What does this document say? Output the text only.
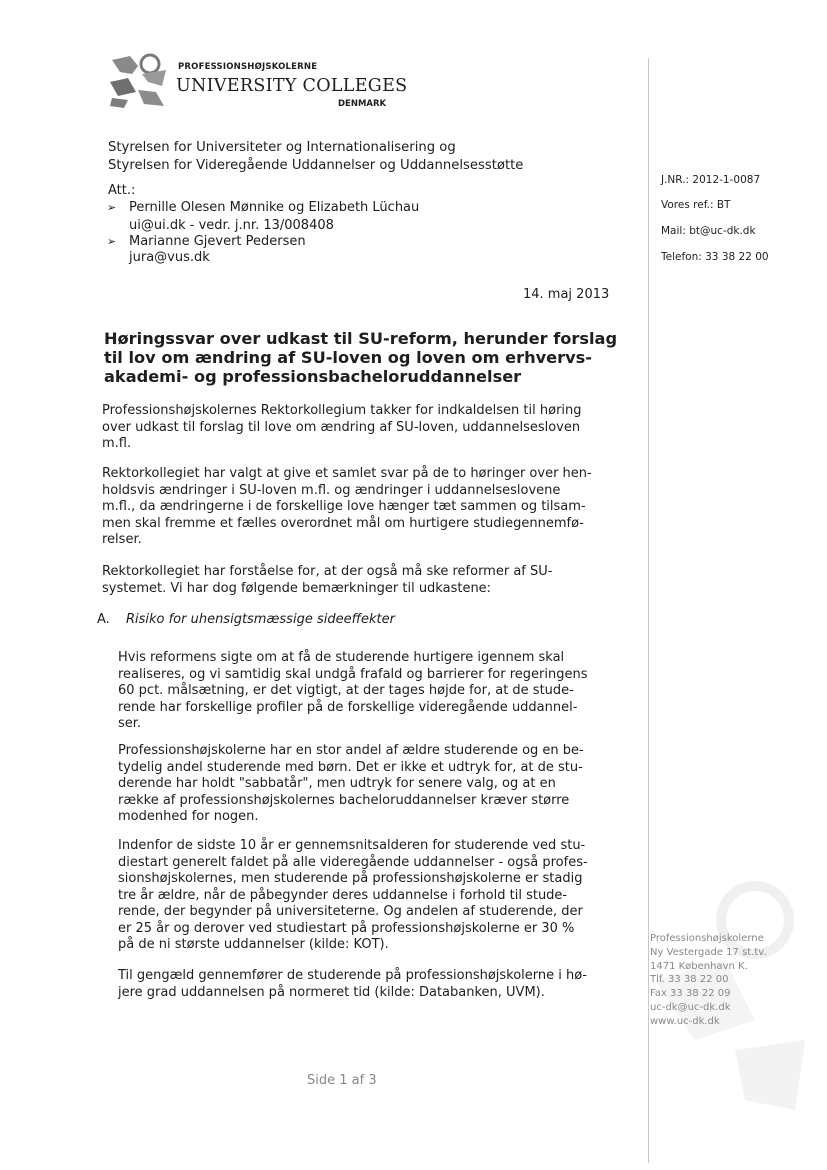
PROFESSIONSHØJSKOLERNE
UNIVERSITY COLLEGES
DENMARK
Styrelsen for Universiteter og Internationalisering og
Styrelsen for Videregående Uddannelser og Uddannelsesstøtte
Att.:
➢ Pernille Olesen Mønnike og Elizabeth Lüchau
ui@ui.dk - vedr. j.nr. 13/008408
➢ Marianne Gjevert Pedersen
jura@vus.dk
J.NR.: 2012-1-0087
Vores ref.: BT
Mail: bt@uc-dk.dk
Telefon: 33 38 22 00
14. maj 2013
Høringssvar over udkast til SU-reform, herunder forslag
til lov om ændring af SU-loven og loven om erhvervs-
akademi- og professionsbacheloruddannelser
Professionshøjskolernes Rektorkollegium takker for indkaldelsen til høring
over udkast til forslag til love om ændring af SU-loven, uddannelsesloven
m.fl.
Rektorkollegiet har valgt at give et samlet svar på de to høringer over hen-
holdsvis ændringer i SU-loven m.fl. og ændringer i uddannelseslovene
m.fl., da ændringerne i de forskellige love hænger tæt sammen og tilsam-
men skal fremme et fælles overordnet mål om hurtigere studiegennemfø-
relser.
Rektorkollegiet har forståelse for, at der også må ske reformer af SU-
systemet. Vi har dog følgende bemærkninger til udkastene:
A. Risiko for uhensigtsmæssige sideeffekter
Hvis reformens sigte om at få de studerende hurtigere igennem skal
realiseres, og vi samtidig skal undgå frafald og barrierer for regeringens
60 pct. målsætning, er det vigtigt, at der tages højde for, at de stude-
rende har forskellige profiler på de forskellige videregående uddannel-
ser.
Professionshøjskolerne har en stor andel af ældre studerende og en be-
tydelig andel studerende med børn. Det er ikke et udtryk for, at de stu-
derende har holdt "sabbatår", men udtryk for senere valg, og at en
række af professionshøjskolernes bacheloruddannelser kræver større
modenhed for nogen.
Indenfor de sidste 10 år er gennemsnitsalderen for studerende ved stu-
diestart generelt faldet på alle videregående uddannelser - også profes-
sionshøjskolernes, men studerende på professionshøjskolerne er stadig
tre år ældre, når de påbegynder deres uddannelse i forhold til stude-
rende, der begynder på universiteterne. Og andelen af studerende, der
er 25 år og derover ved studiestart på professionshøjskolerne er 30 %
på de ni største uddannelser (kilde: KOT).
Til gengæld gennemfører de studerende på professionshøjskolerne i hø-
jere grad uddannelsen på normeret tid (kilde: Databanken, UVM).
Side 1 af 3
Professionshøjskolerne
Ny Vestergade 17 st.tv.
1471 København K.
Tlf. 33 38 22 00
Fax 33 38 22 09
uc-dk@uc-dk.dk
www.uc-dk.dk
